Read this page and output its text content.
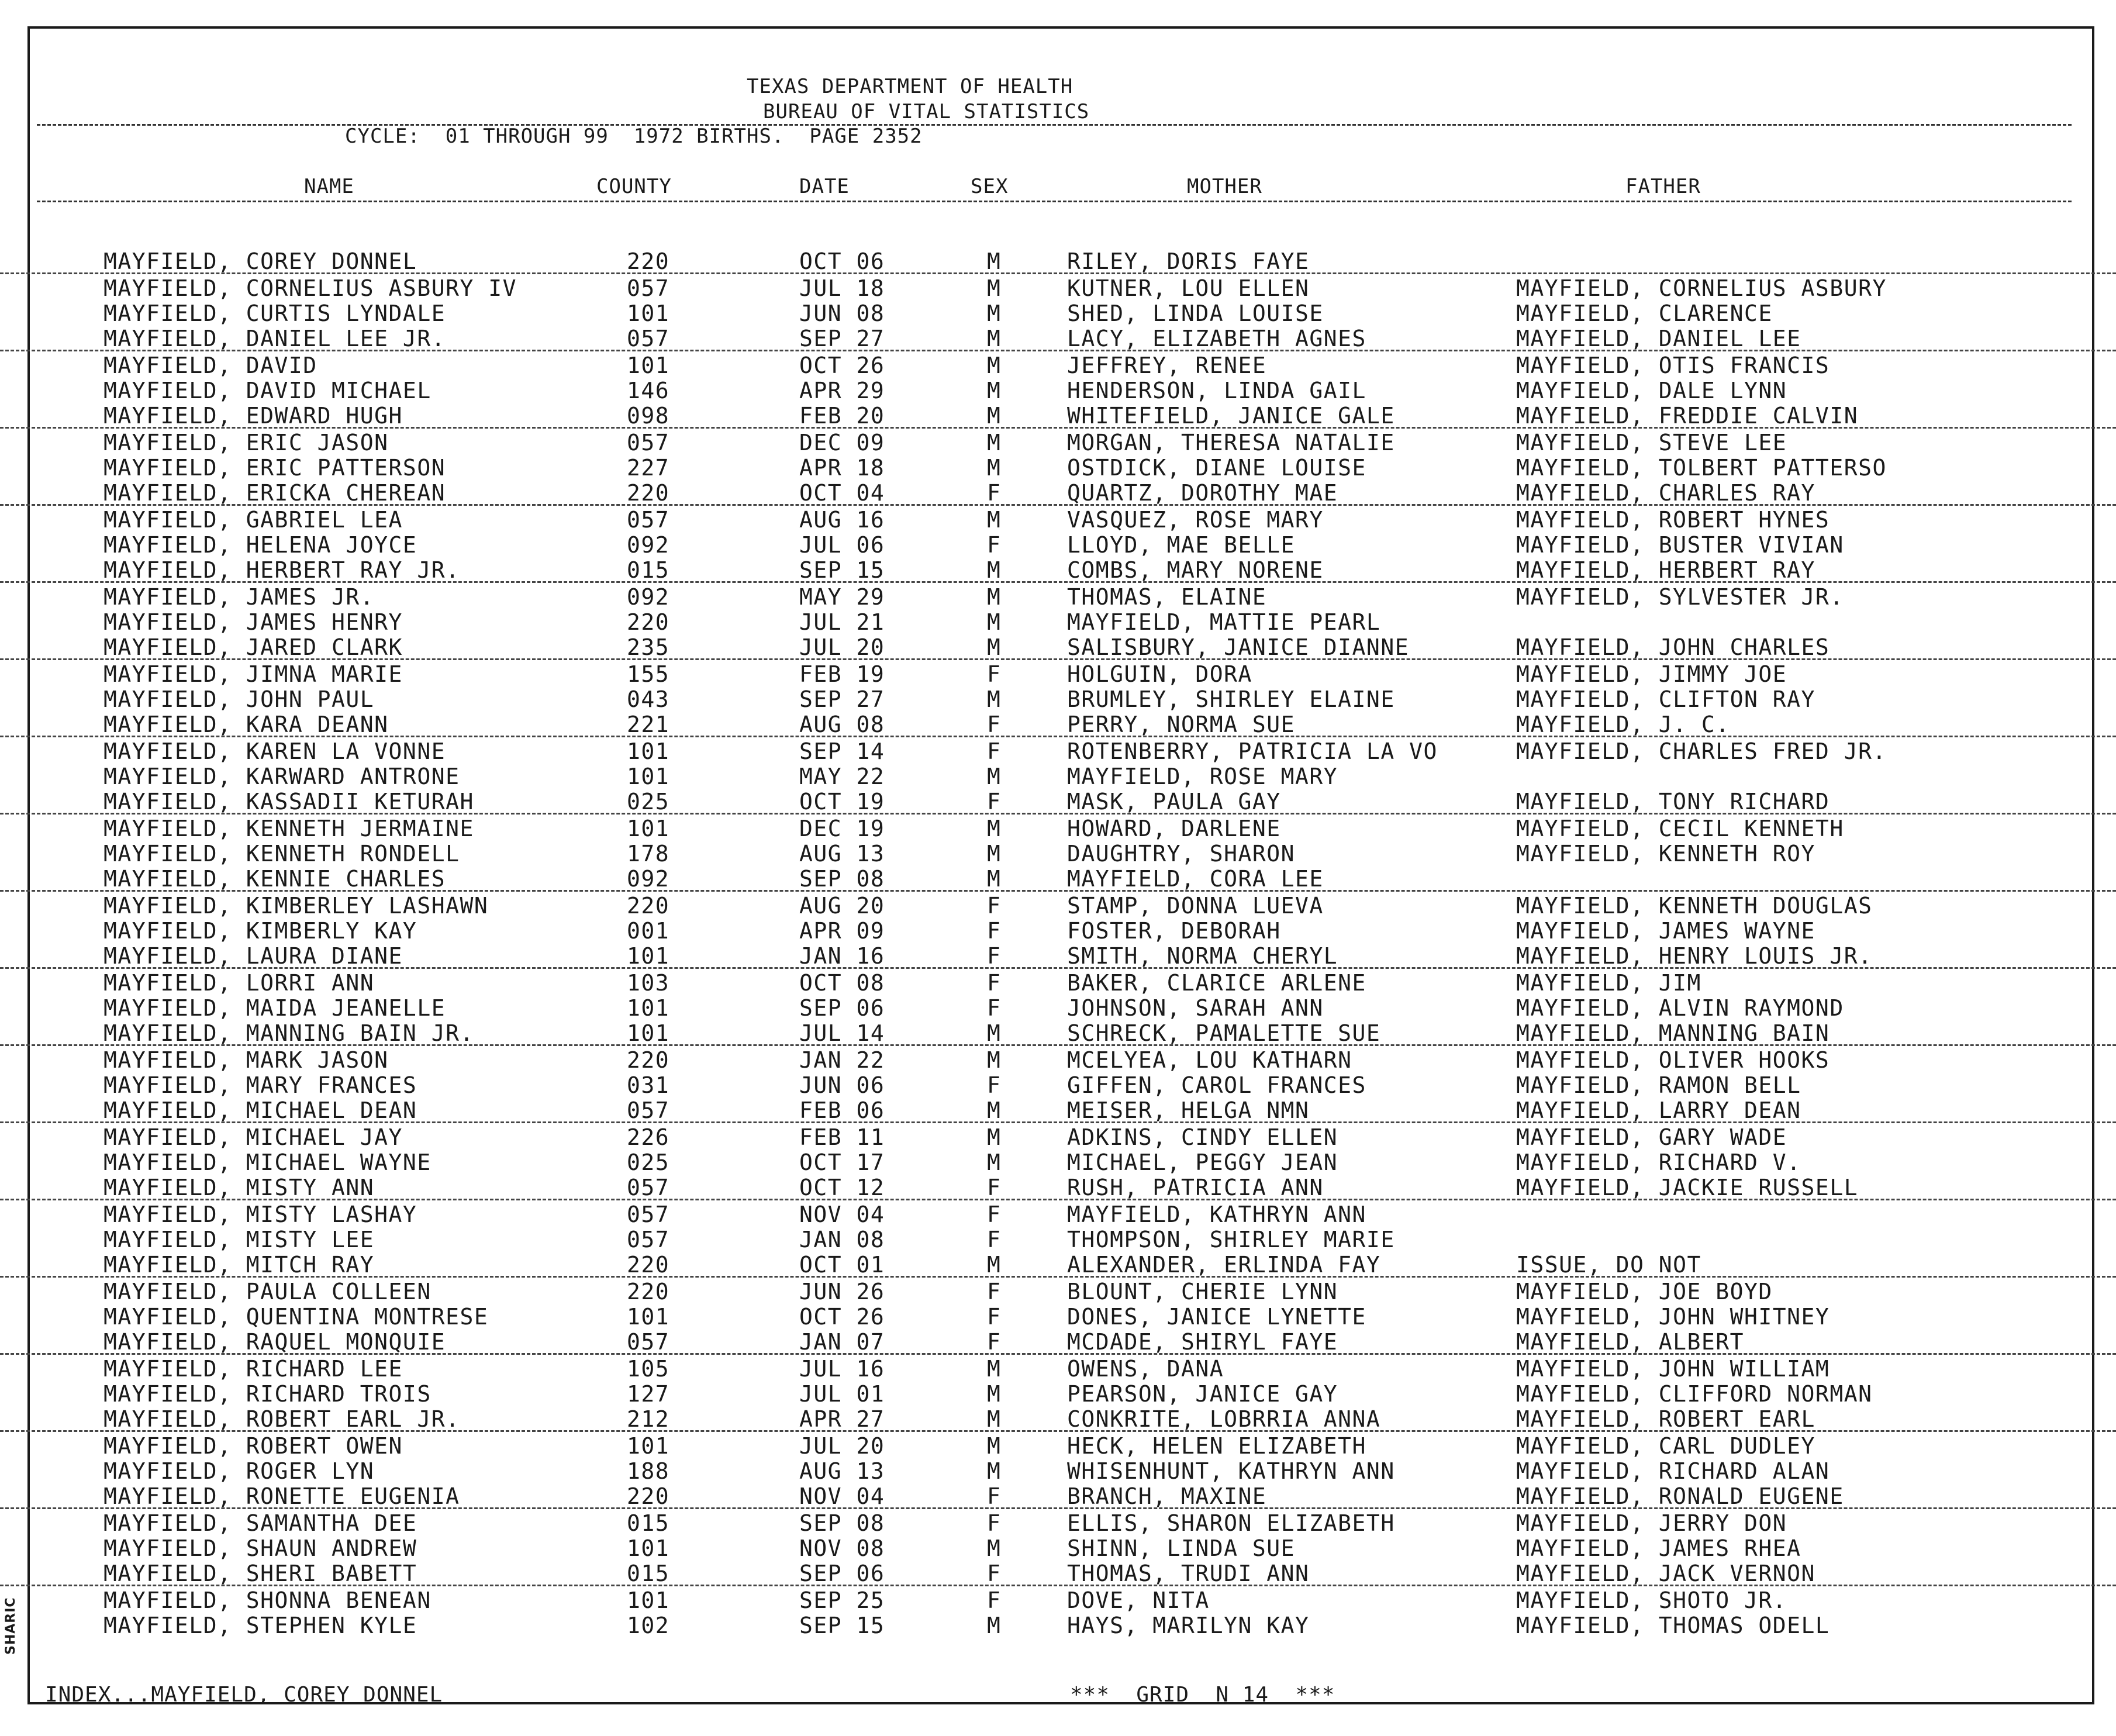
SHARIC
TEXAS DEPARTMENT OF HEALTH
BUREAU OF VITAL STATISTICS
CYCLE:  01 THROUGH 99  1972 BIRTHS.  PAGE 2352
NAME	COUNTY	DATE	SEX	MOTHER	FATHER
MAYFIELD, COREY DONNEL	220	OCT 06	M	RILEY, DORIS FAYE
MAYFIELD, CORNELIUS ASBURY IV	057	JUL 18	M	KUTNER, LOU ELLEN	MAYFIELD, CORNELIUS ASBURY
MAYFIELD, CURTIS LYNDALE	101	JUN 08	M	SHED, LINDA LOUISE	MAYFIELD, CLARENCE
MAYFIELD, DANIEL LEE JR.	057	SEP 27	M	LACY, ELIZABETH AGNES	MAYFIELD, DANIEL LEE
MAYFIELD, DAVID	101	OCT 26	M	JEFFREY, RENEE	MAYFIELD, OTIS FRANCIS
MAYFIELD, DAVID MICHAEL	146	APR 29	M	HENDERSON, LINDA GAIL	MAYFIELD, DALE LYNN
MAYFIELD, EDWARD HUGH	098	FEB 20	M	WHITEFIELD, JANICE GALE	MAYFIELD, FREDDIE CALVIN
MAYFIELD, ERIC JASON	057	DEC 09	M	MORGAN, THERESA NATALIE	MAYFIELD, STEVE LEE
MAYFIELD, ERIC PATTERSON	227	APR 18	M	OSTDICK, DIANE LOUISE	MAYFIELD, TOLBERT PATTERSO
MAYFIELD, ERICKA CHEREAN	220	OCT 04	F	QUARTZ, DOROTHY MAE	MAYFIELD, CHARLES RAY
MAYFIELD, GABRIEL LEA	057	AUG 16	M	VASQUEZ, ROSE MARY	MAYFIELD, ROBERT HYNES
MAYFIELD, HELENA JOYCE	092	JUL 06	F	LLOYD, MAE BELLE	MAYFIELD, BUSTER VIVIAN
MAYFIELD, HERBERT RAY JR.	015	SEP 15	M	COMBS, MARY NORENE	MAYFIELD, HERBERT RAY
MAYFIELD, JAMES JR.	092	MAY 29	M	THOMAS, ELAINE	MAYFIELD, SYLVESTER JR.
MAYFIELD, JAMES HENRY	220	JUL 21	M	MAYFIELD, MATTIE PEARL
MAYFIELD, JARED CLARK	235	JUL 20	M	SALISBURY, JANICE DIANNE	MAYFIELD, JOHN CHARLES
MAYFIELD, JIMNA MARIE	155	FEB 19	F	HOLGUIN, DORA	MAYFIELD, JIMMY JOE
MAYFIELD, JOHN PAUL	043	SEP 27	M	BRUMLEY, SHIRLEY ELAINE	MAYFIELD, CLIFTON RAY
MAYFIELD, KARA DEANN	221	AUG 08	F	PERRY, NORMA SUE	MAYFIELD, J. C.
MAYFIELD, KAREN LA VONNE	101	SEP 14	F	ROTENBERRY, PATRICIA LA VO	MAYFIELD, CHARLES FRED JR.
MAYFIELD, KARWARD ANTRONE	101	MAY 22	M	MAYFIELD, ROSE MARY
MAYFIELD, KASSADII KETURAH	025	OCT 19	F	MASK, PAULA GAY	MAYFIELD, TONY RICHARD
MAYFIELD, KENNETH JERMAINE	101	DEC 19	M	HOWARD, DARLENE	MAYFIELD, CECIL KENNETH
MAYFIELD, KENNETH RONDELL	178	AUG 13	M	DAUGHTRY, SHARON	MAYFIELD, KENNETH ROY
MAYFIELD, KENNIE CHARLES	092	SEP 08	M	MAYFIELD, CORA LEE
MAYFIELD, KIMBERLEY LASHAWN	220	AUG 20	F	STAMP, DONNA LUEVA	MAYFIELD, KENNETH DOUGLAS
MAYFIELD, KIMBERLY KAY	001	APR 09	F	FOSTER, DEBORAH	MAYFIELD, JAMES WAYNE
MAYFIELD, LAURA DIANE	101	JAN 16	F	SMITH, NORMA CHERYL	MAYFIELD, HENRY LOUIS JR.
MAYFIELD, LORRI ANN	103	OCT 08	F	BAKER, CLARICE ARLENE	MAYFIELD, JIM
MAYFIELD, MAIDA JEANELLE	101	SEP 06	F	JOHNSON, SARAH ANN	MAYFIELD, ALVIN RAYMOND
MAYFIELD, MANNING BAIN JR.	101	JUL 14	M	SCHRECK, PAMALETTE SUE	MAYFIELD, MANNING BAIN
MAYFIELD, MARK JASON	220	JAN 22	M	MCELYEA, LOU KATHARN	MAYFIELD, OLIVER HOOKS
MAYFIELD, MARY FRANCES	031	JUN 06	F	GIFFEN, CAROL FRANCES	MAYFIELD, RAMON BELL
MAYFIELD, MICHAEL DEAN	057	FEB 06	M	MEISER, HELGA NMN	MAYFIELD, LARRY DEAN
MAYFIELD, MICHAEL JAY	226	FEB 11	M	ADKINS, CINDY ELLEN	MAYFIELD, GARY WADE
MAYFIELD, MICHAEL WAYNE	025	OCT 17	M	MICHAEL, PEGGY JEAN	MAYFIELD, RICHARD V.
MAYFIELD, MISTY ANN	057	OCT 12	F	RUSH, PATRICIA ANN	MAYFIELD, JACKIE RUSSELL
MAYFIELD, MISTY LASHAY	057	NOV 04	F	MAYFIELD, KATHRYN ANN
MAYFIELD, MISTY LEE	057	JAN 08	F	THOMPSON, SHIRLEY MARIE
MAYFIELD, MITCH RAY	220	OCT 01	M	ALEXANDER, ERLINDA FAY	ISSUE, DO NOT
MAYFIELD, PAULA COLLEEN	220	JUN 26	F	BLOUNT, CHERIE LYNN	MAYFIELD, JOE BOYD
MAYFIELD, QUENTINA MONTRESE	101	OCT 26	F	DONES, JANICE LYNETTE	MAYFIELD, JOHN WHITNEY
MAYFIELD, RAQUEL MONQUIE	057	JAN 07	F	MCDADE, SHIRYL FAYE	MAYFIELD, ALBERT
MAYFIELD, RICHARD LEE	105	JUL 16	M	OWENS, DANA	MAYFIELD, JOHN WILLIAM
MAYFIELD, RICHARD TROIS	127	JUL 01	M	PEARSON, JANICE GAY	MAYFIELD, CLIFFORD NORMAN
MAYFIELD, ROBERT EARL JR.	212	APR 27	M	CONKRITE, LOBRRIA ANNA	MAYFIELD, ROBERT EARL
MAYFIELD, ROBERT OWEN	101	JUL 20	M	HECK, HELEN ELIZABETH	MAYFIELD, CARL DUDLEY
MAYFIELD, ROGER LYN	188	AUG 13	M	WHISENHUNT, KATHRYN ANN	MAYFIELD, RICHARD ALAN
MAYFIELD, RONETTE EUGENIA	220	NOV 04	F	BRANCH, MAXINE	MAYFIELD, RONALD EUGENE
MAYFIELD, SAMANTHA DEE	015	SEP 08	F	ELLIS, SHARON ELIZABETH	MAYFIELD, JERRY DON
MAYFIELD, SHAUN ANDREW	101	NOV 08	M	SHINN, LINDA SUE	MAYFIELD, JAMES RHEA
MAYFIELD, SHERI BABETT	015	SEP 06	F	THOMAS, TRUDI ANN	MAYFIELD, JACK VERNON
MAYFIELD, SHONNA BENEAN	101	SEP 25	F	DOVE, NITA	MAYFIELD, SHOTO JR.
MAYFIELD, STEPHEN KYLE	102	SEP 15	M	HAYS, MARILYN KAY	MAYFIELD, THOMAS ODELL
INDEX...MAYFIELD, COREY DONNEL	***  GRID  N 14  ***
